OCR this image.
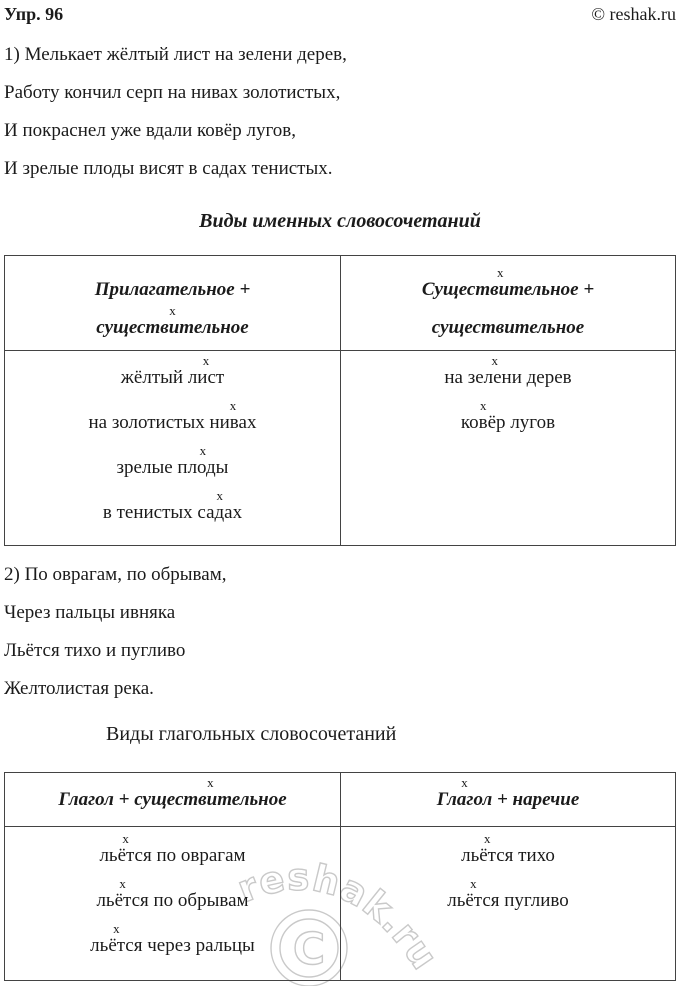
C
reshak.ru
Упр. 96	© reshak.ru
1) Мелькает жёлтый лист на зелени дерев,
Работу кончил серп на нивах золотистых,
И покраснел уже вдали ковёр лугов,
И зрелые плоды висят в садах тенистых.
Виды именных словосочетаний
Прилагательное +
x
существительное
x
Существительное +
существительное
жёлтый
x
лист
на золотистых
x
нивах
зрелые
x
плоды
в тенистых
x
садах
на
x
зелени дерев
x
ковёр лугов
2) По оврагам, по обрывам,
Через пальцы ивняка
Льётся тихо и пугливо
Желтолистая река.
Виды глагольных словосочетаний
Глагол +
x
существительное
x
Глагол + наречие
x
льётся по оврагам
x
льётся по обрывам
x
льётся через ральцы
x
льётся тихо
x
льётся пугливо
